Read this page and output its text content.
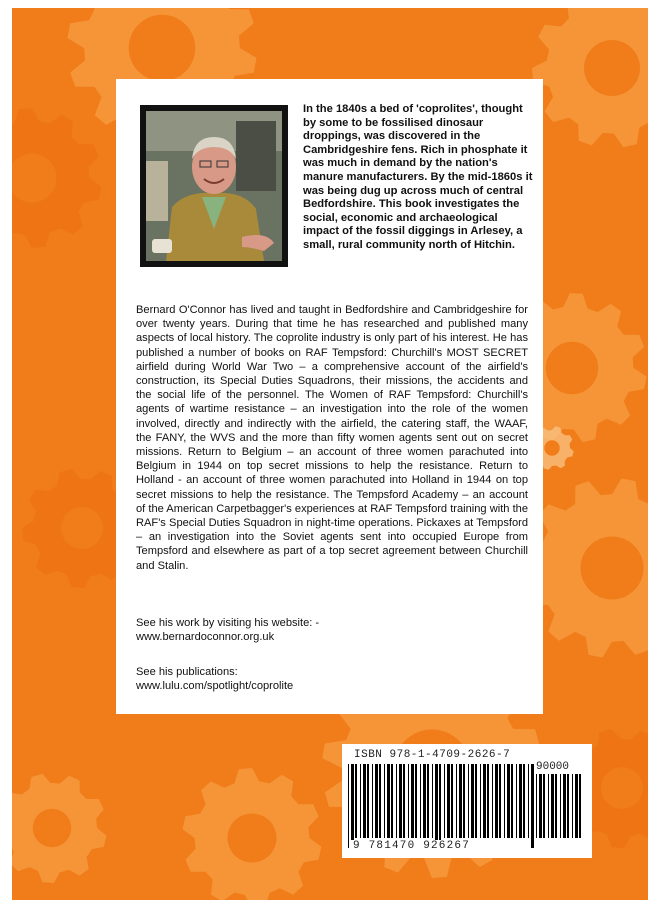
In the 1840s a bed of 'coprolites', thought by some to be fossilised dinosaur droppings, was discovered in the Cambridgeshire fens. Rich in phosphate it was much in demand by the nation's manure manufacturers. By the mid-1860s it was being dug up across much of central Bedfordshire. This book investigates the social, economic and archaeological impact of the fossil diggings in Arlesey, a small, rural community north of Hitchin.

Bernard O'Connor has lived and taught in Bedfordshire and Cambridgeshire for over twenty years. During that time he has researched and published many aspects of local history. The coprolite industry is only part of his interest. He has published a number of books on RAF Tempsford: Churchill's MOST SECRET airfield during World War Two – a comprehensive account of the airfield's construction, its Special Duties Squadrons, their missions, the accidents and the social life of the personnel. The Women of RAF Tempsford: Churchill's agents of wartime resistance – an investigation into the role of the women involved, directly and indirectly with the airfield, the catering staff, the WAAF, the FANY, the WVS and the more than fifty women agents sent out on secret missions. Return to Belgium – an account of three women parachuted into Belgium in 1944 on top secret missions to help the resistance. Return to Holland - an account of three women parachuted into Holland in 1944 on top secret missions to help the resistance. The Tempsford Academy – an account of the American Carpetbagger's experiences at RAF Tempsford training with the RAF's Special Duties Squadron in night-time operations. Pickaxes at Tempsford – an investigation into the Soviet agents sent into occupied Europe from Tempsford and elsewhere as part of a top secret agreement between Churchill and Stalin.

See his work by visiting his website: -
www.bernardoconnor.org.uk
See his publications:
www.lulu.com/spotlight/coprolite
ISBN 978-1-4709-2626-7
90000
9 781470 926267
